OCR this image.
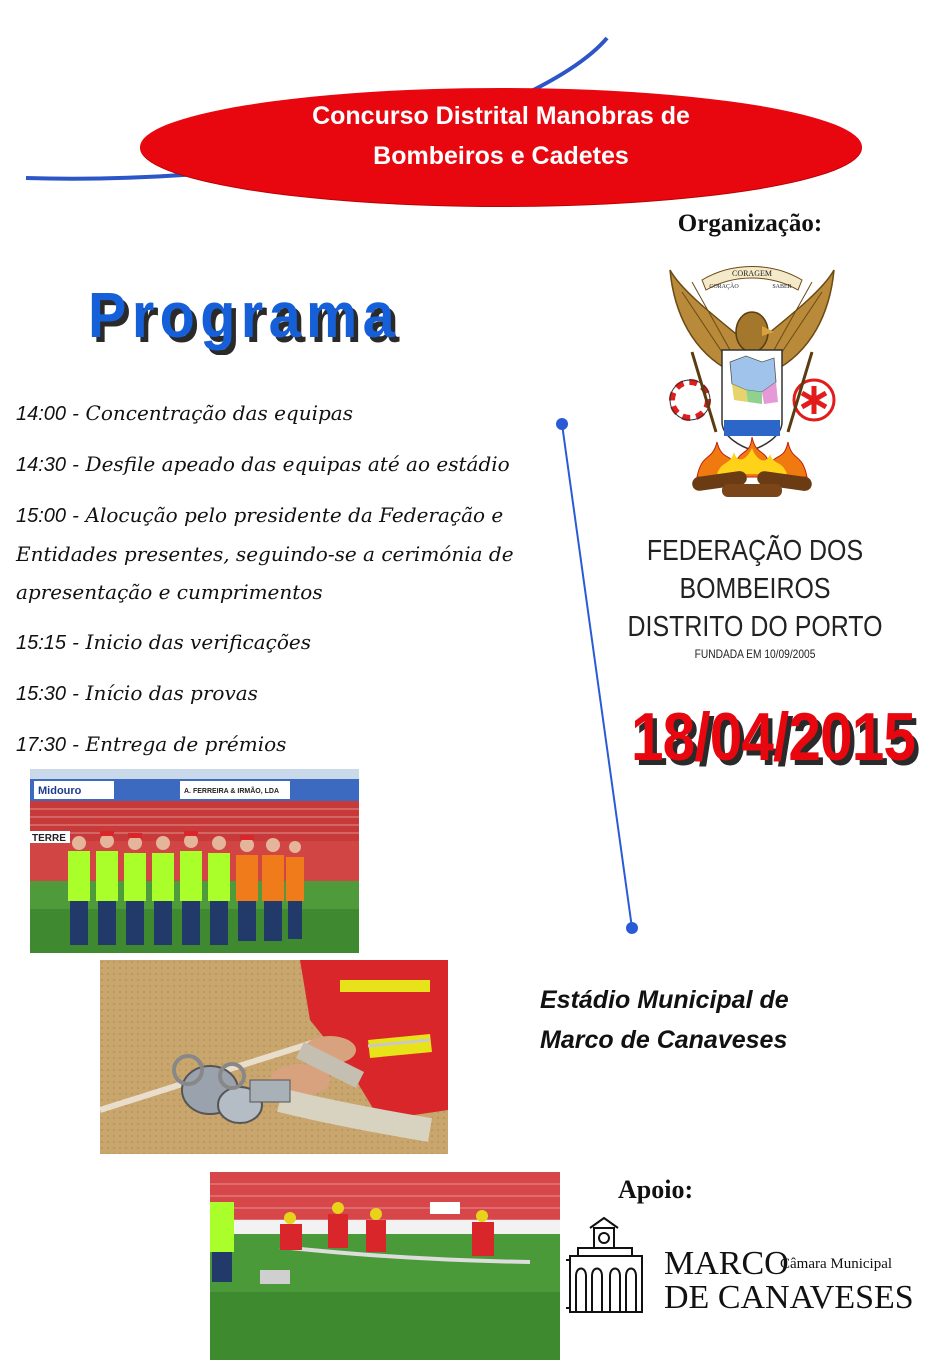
Concurso Distrital Manobras de
Bombeiros e Cadetes
Organização:
CORAGEM
CORAÇÃO	SABER
FEDERAÇÃO DOS BOMBEIROS
DISTRITO DO PORTO
FUNDADA EM 10/09/2005
Programa
14:00 - Concentração das equipas
14:30 - Desfile apeado das equipas até ao estádio
15:00 - Alocução pelo presidente da Federação e
Entidades presentes, seguindo-se a cerimónia de
apresentação e cumprimentos
15:15 - Inicio das verificações
15:30 - Início das provas
17:30 - Entrega de prémios	18/04/2015
Midouro	A. FERREIRA & IRMÃO, LDA
TERRE
Estádio Municipal de
Marco de Canaveses
Apoio:
MARCO
Câmara Municipal
DE CANAVESES
